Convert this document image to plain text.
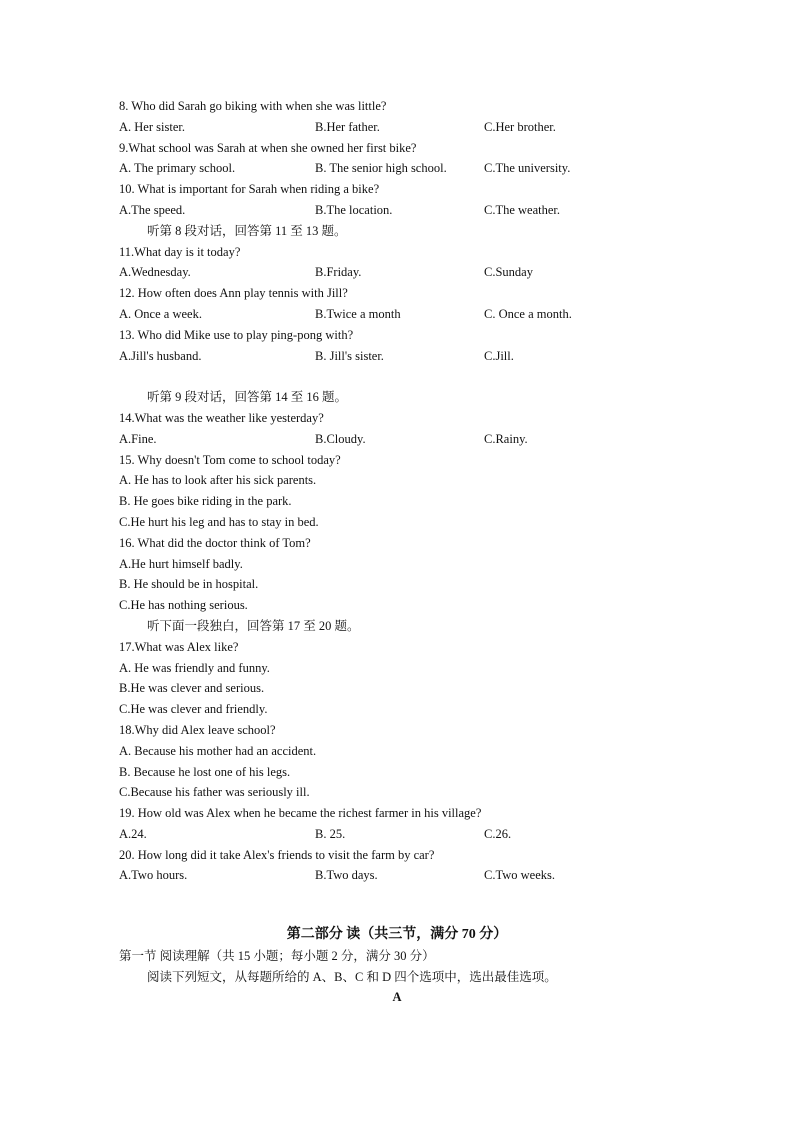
8. Who did Sarah go biking with when she was little?
A. Her sister.	B.Her father.	C.Her brother.
9.What school was Sarah at when she owned her first bike?
A. The primary school.	B. The senior high school.	C.The university.
10. What is important for Sarah when riding a bike?
A.The speed.	B.The location.	C.The weather.
听第 8 段对话，回答第 11 至 13 题。
11.What day is it today?
A.Wednesday.	B.Friday.	C.Sunday
12. How often does Ann play tennis with Jill?
A. Once a week.	B.Twice a month	C. Once a month.
13. Who did Mike use to play ping-pong with?
A.Jill's husband.	B. Jill's sister.	C.Jill.
听第 9 段对话，回答第 14 至 16 题。
14.What was the weather like yesterday?
A.Fine.	B.Cloudy.	C.Rainy.
15. Why doesn't Tom come to school today?
A. He has to look after his sick parents.
B. He goes bike riding in the park.
C.He hurt his leg and has to stay in bed.
16. What did the doctor think of Tom?
A.He hurt himself badly.
B. He should be in hospital.
C.He has nothing serious.
听下面一段独白，回答第 17 至 20 题。
17.What was Alex like?
A. He was friendly and funny.
B.He was clever and serious.
C.He was clever and friendly.
18.Why did Alex leave school?
A. Because his mother had an accident.
B. Because he lost one of his legs.
C.Because his father was seriously ill.
19. How old was Alex when he became the richest farmer in his village?
A.24.	B. 25.	C.26.
20. How long did it take Alex's friends to visit the farm by car?
A.Two hours.	B.Two days.	C.Two weeks.
第二部分 读（共三节，满分 70 分）
第一节 阅读理解（共 15 小题；每小题 2 分，满分 30 分）
阅读下列短文，从每题所给的 A、B、C 和 D 四个选项中，选出最佳选项。
A
